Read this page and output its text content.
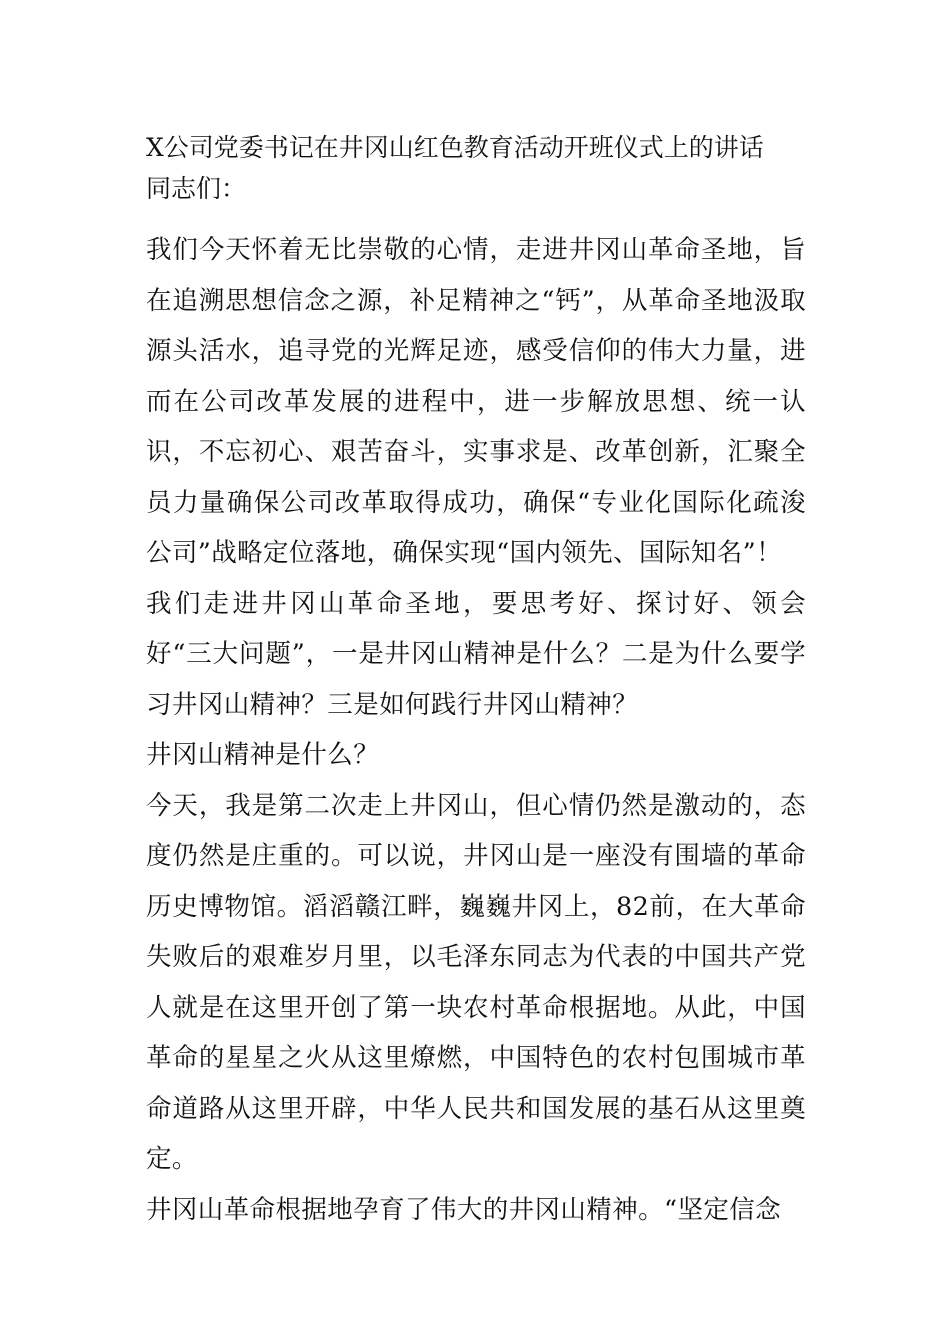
X公司党委书记在井冈山红色教育活动开班仪式上的讲话
同志们：

我们今天怀着无比崇敬的心情，走进井冈山革命圣地，旨在追溯思想信念之源，补足精神之“钙”，从革命圣地汲取源头活水，追寻党的光辉足迹，感受信仰的伟大力量，进而在公司改革发展的进程中，进一步解放思想、统一认识，不忘初心、艰苦奋斗，实事求是、改革创新，汇聚全员力量确保公司改革取得成功，确保“专业化国际化疏浚公司”战略定位落地，确保实现“国内领先、国际知名”！

我们走进井冈山革命圣地，要思考好、探讨好、领会好“三大问题”，一是井冈山精神是什么？二是为什么要学习井冈山精神？三是如何践行井冈山精神？

井冈山精神是什么？

今天，我是第二次走上井冈山，但心情仍然是激动的，态度仍然是庄重的。可以说，井冈山是一座没有围墙的革命历史博物馆。滔滔赣江畔，巍巍井冈上，82前，在大革命失败后的艰难岁月里，以毛泽东同志为代表的中国共产党人就是在这里开创了第一块农村革命根据地。从此，中国革命的星星之火从这里燎燃，中国特色的农村包围城市革命道路从这里开辟，中华人民共和国发展的基石从这里奠定。

井冈山革命根据地孕育了伟大的井冈山精神。“坚定信念
